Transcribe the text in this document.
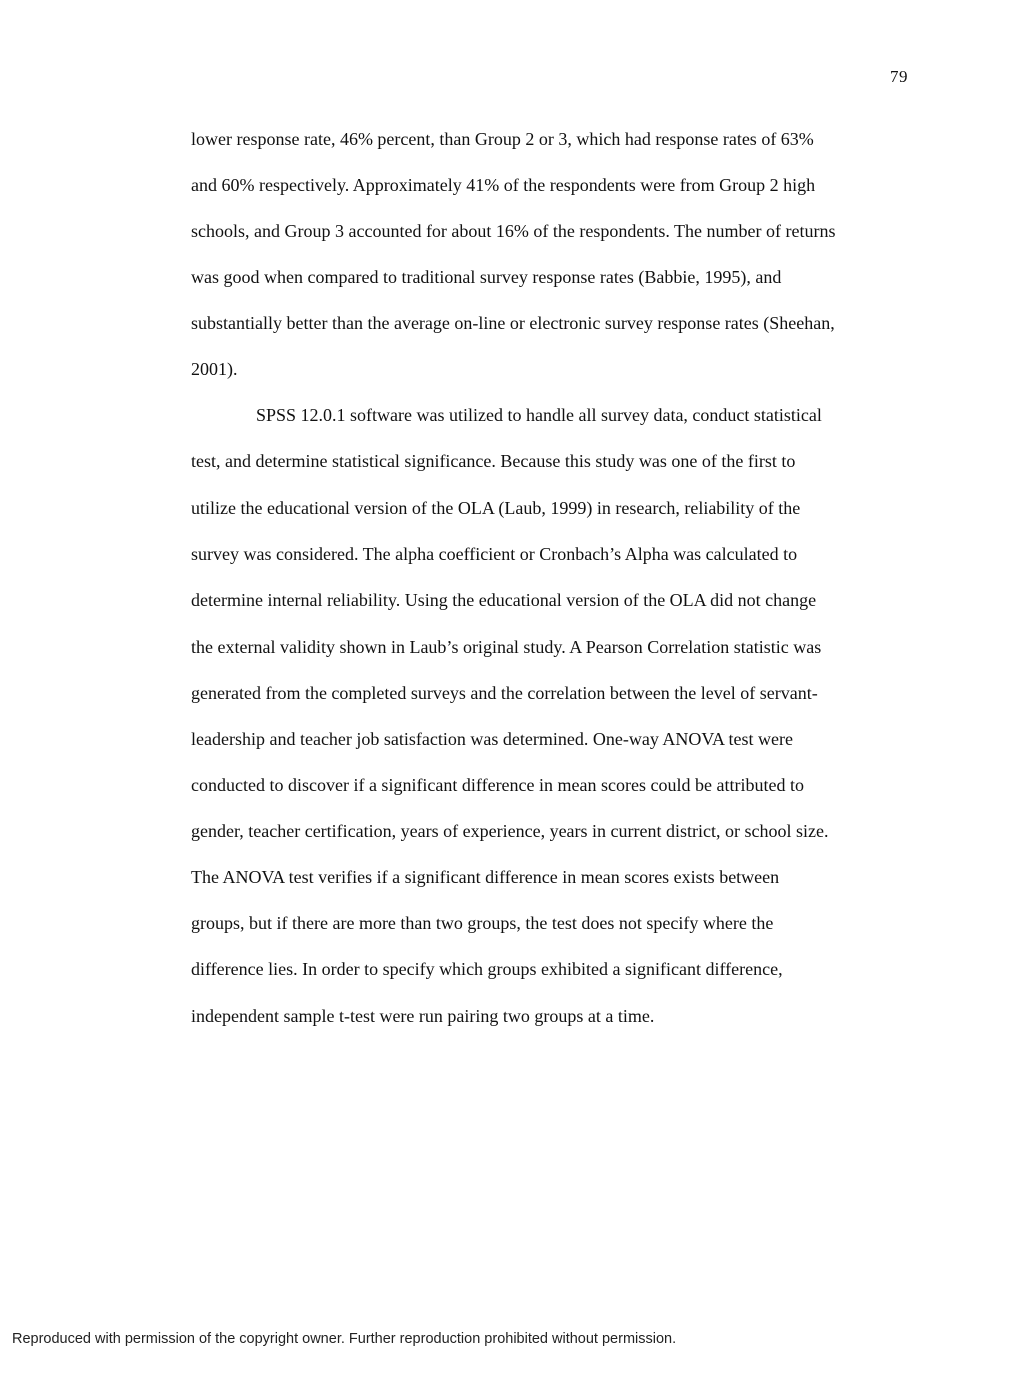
79
lower response rate, 46% percent, than Group 2 or 3, which had response rates of 63%
and 60% respectively. Approximately 41% of the respondents were from Group 2 high
schools, and Group 3 accounted for about 16% of the respondents. The number of returns
was good when compared to traditional survey response rates (Babbie, 1995), and
substantially better than the average on-line or electronic survey response rates (Sheehan,
2001).
SPSS 12.0.1 software was utilized to handle all survey data, conduct statistical
test, and determine statistical significance. Because this study was one of the first to
utilize the educational version of the OLA (Laub, 1999) in research, reliability of the
survey was considered. The alpha coefficient or Cronbach’s Alpha was calculated to
determine internal reliability. Using the educational version of the OLA did not change
the external validity shown in Laub’s original study. A Pearson Correlation statistic was
generated from the completed surveys and the correlation between the level of servant-
leadership and teacher job satisfaction was determined. One-way ANOVA test were
conducted to discover if a significant difference in mean scores could be attributed to
gender, teacher certification, years of experience, years in current district, or school size.
The ANOVA test verifies if a significant difference in mean scores exists between
groups, but if there are more than two groups, the test does not specify where the
difference lies. In order to specify which groups exhibited a significant difference,
independent sample t-test were run pairing two groups at a time.
Reproduced with permission of the copyright owner. Further reproduction prohibited without permission.
